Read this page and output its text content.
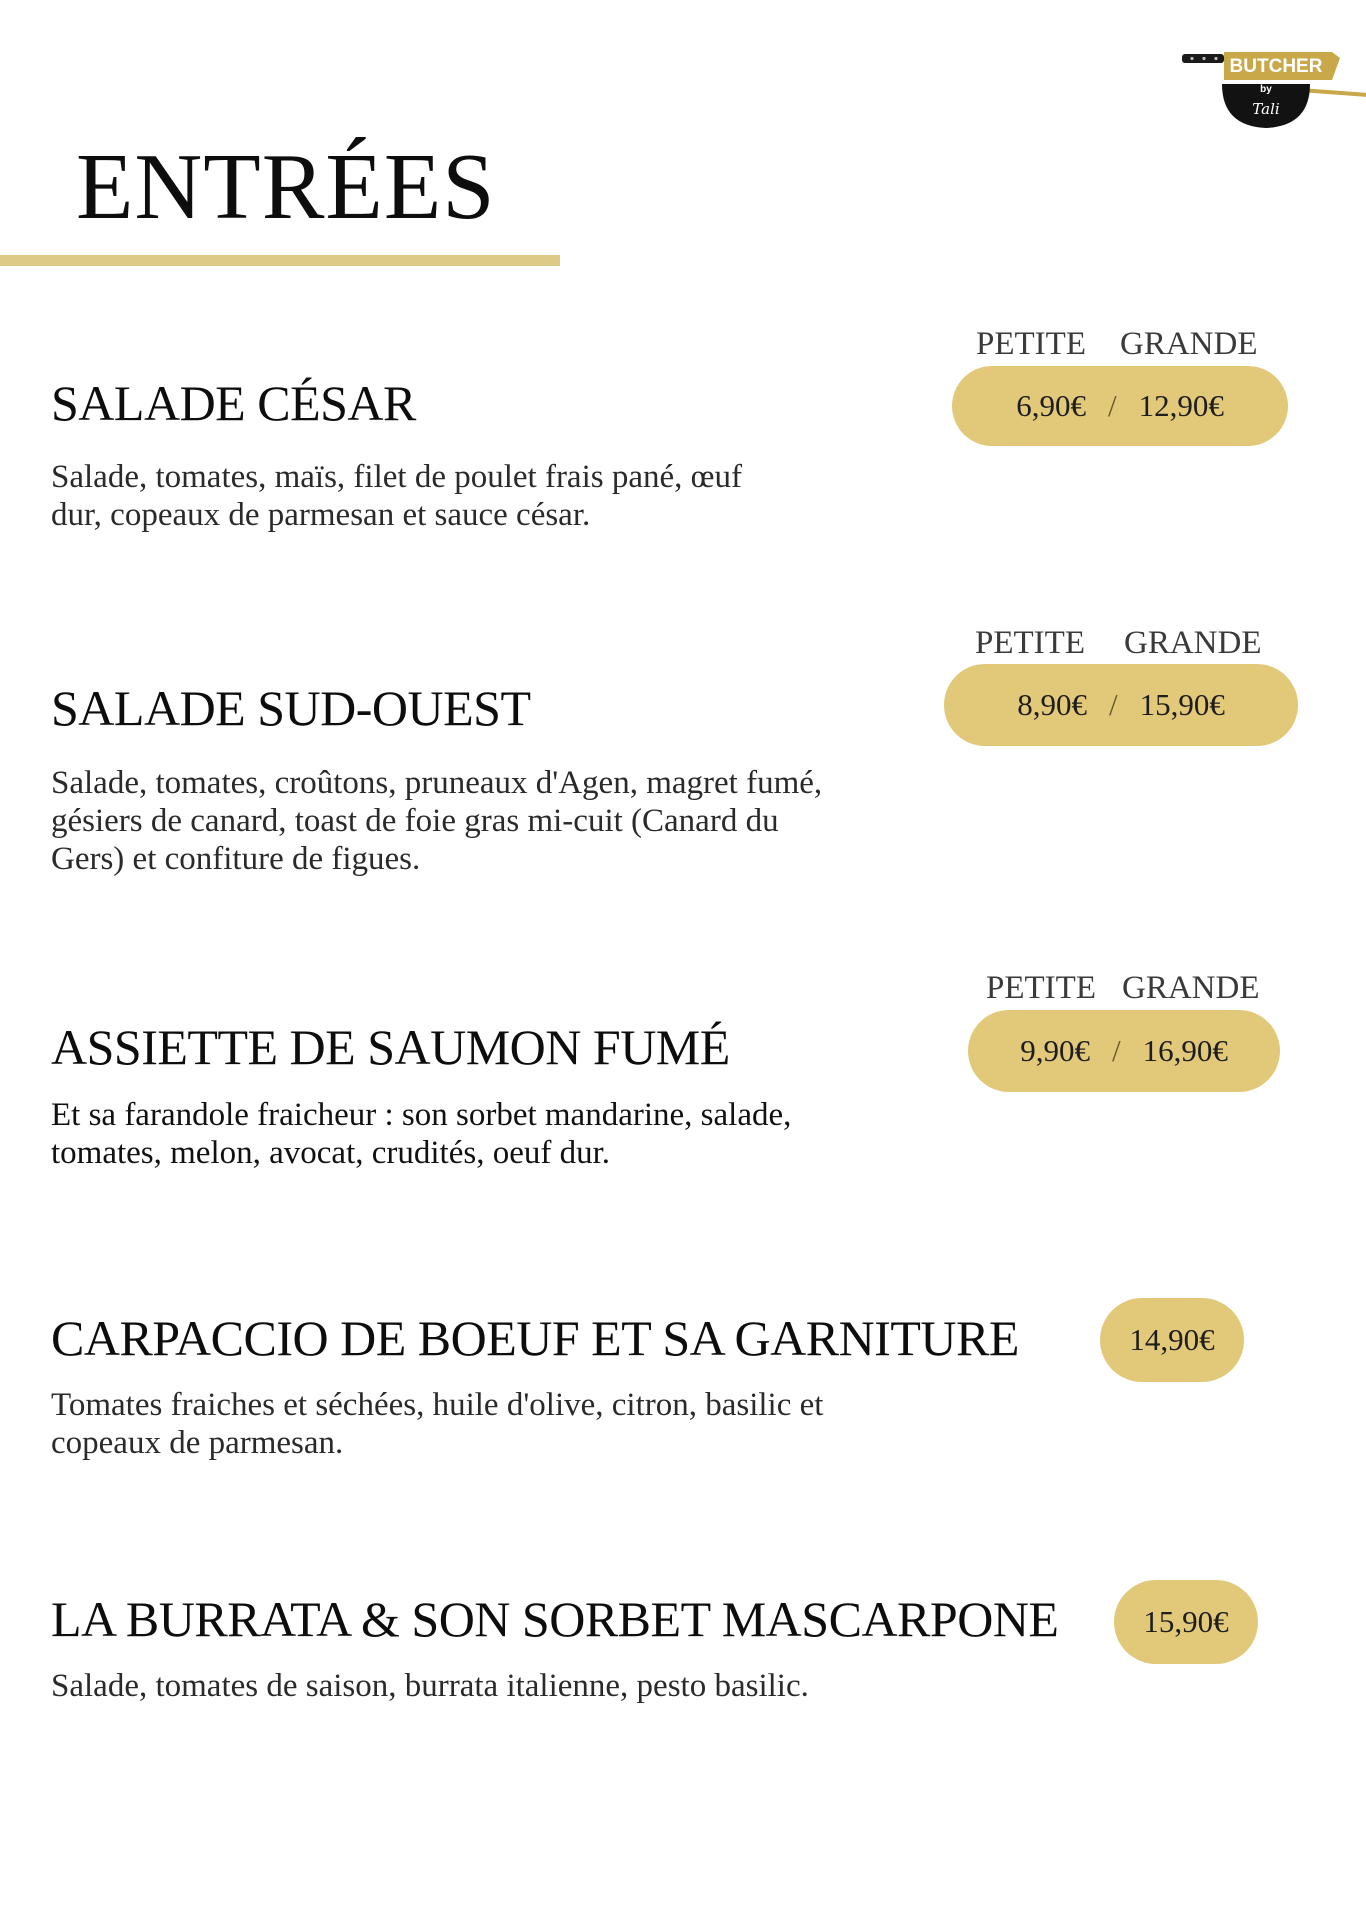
BUTCHER
by
Tali
ENTRÉES
PETITE GRANDE
SALADE CÉSAR	6,90€ / 12,90€

Salade, tomates, maïs, filet de poulet frais pané, œuf
dur, copeaux de parmesan et sauce césar.

PETITE GRANDE
SALADE SUD-OUEST	8,90€ / 15,90€

Salade, tomates, croûtons, pruneaux d'Agen, magret fumé,
gésiers de canard, toast de foie gras mi-cuit (Canard du
Gers) et confiture de figues.

PETITE GRANDE
ASSIETTE DE SAUMON FUMÉ	9,90€ / 16,90€

Et sa farandole fraicheur : son sorbet mandarine, salade,
tomates, melon, avocat, crudités, oeuf dur.

CARPACCIO DE BOEUF ET SA GARNITURE	14,90€

Tomates fraiches et séchées, huile d'olive, citron, basilic et
copeaux de parmesan.

LA BURRATA & SON SORBET MASCARPONE	15,90€

Salade, tomates de saison, burrata italienne, pesto basilic.
